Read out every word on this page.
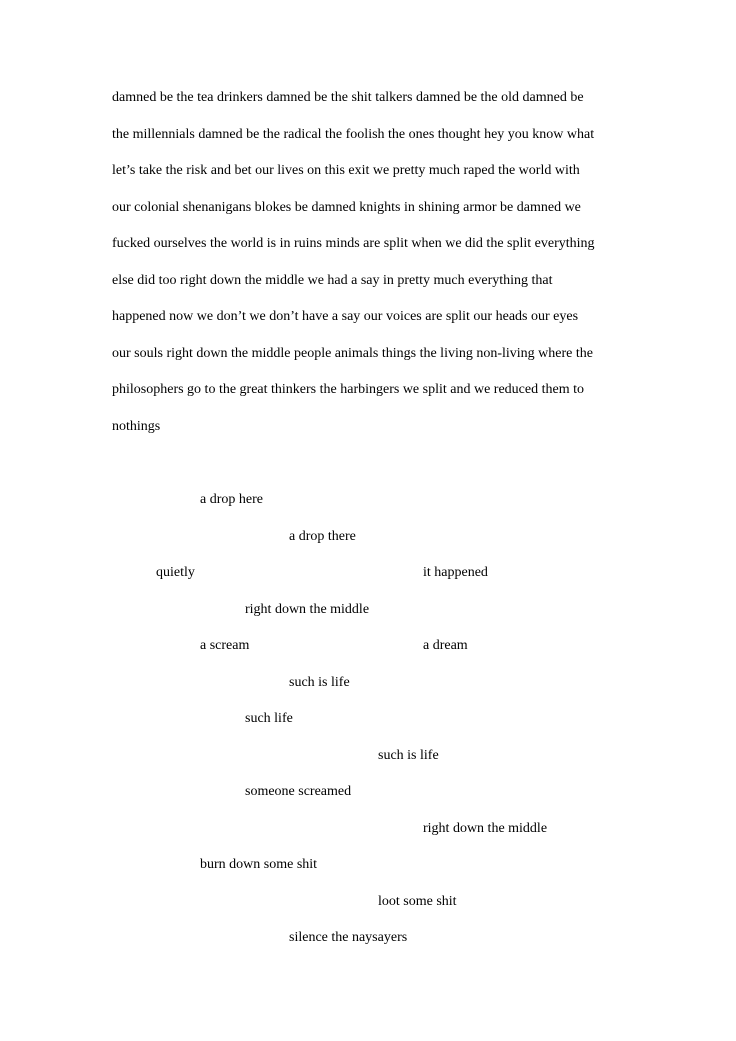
damned be the tea drinkers damned be the shit talkers damned be the old damned be
the millennials damned be the radical the foolish the ones thought hey you know what
let’s take the risk and bet our lives on this exit we pretty much raped the world with
our colonial shenanigans blokes be damned knights in shining armor be damned we
fucked ourselves the world is in ruins minds are split when we did the split everything
else did too right down the middle we had a say in pretty much everything that
happened now we don’t we don’t have a say our voices are split our heads our eyes
our souls right down the middle people animals things the living non-living where the
philosophers go to the great thinkers the harbingers we split and we reduced them to
nothings
a drop here
a drop there
quietly	it happened
right down the middle
a scream	a dream
such is life
such life
such is life
someone screamed
right down the middle
burn down some shit
loot some shit
silence the naysayers
